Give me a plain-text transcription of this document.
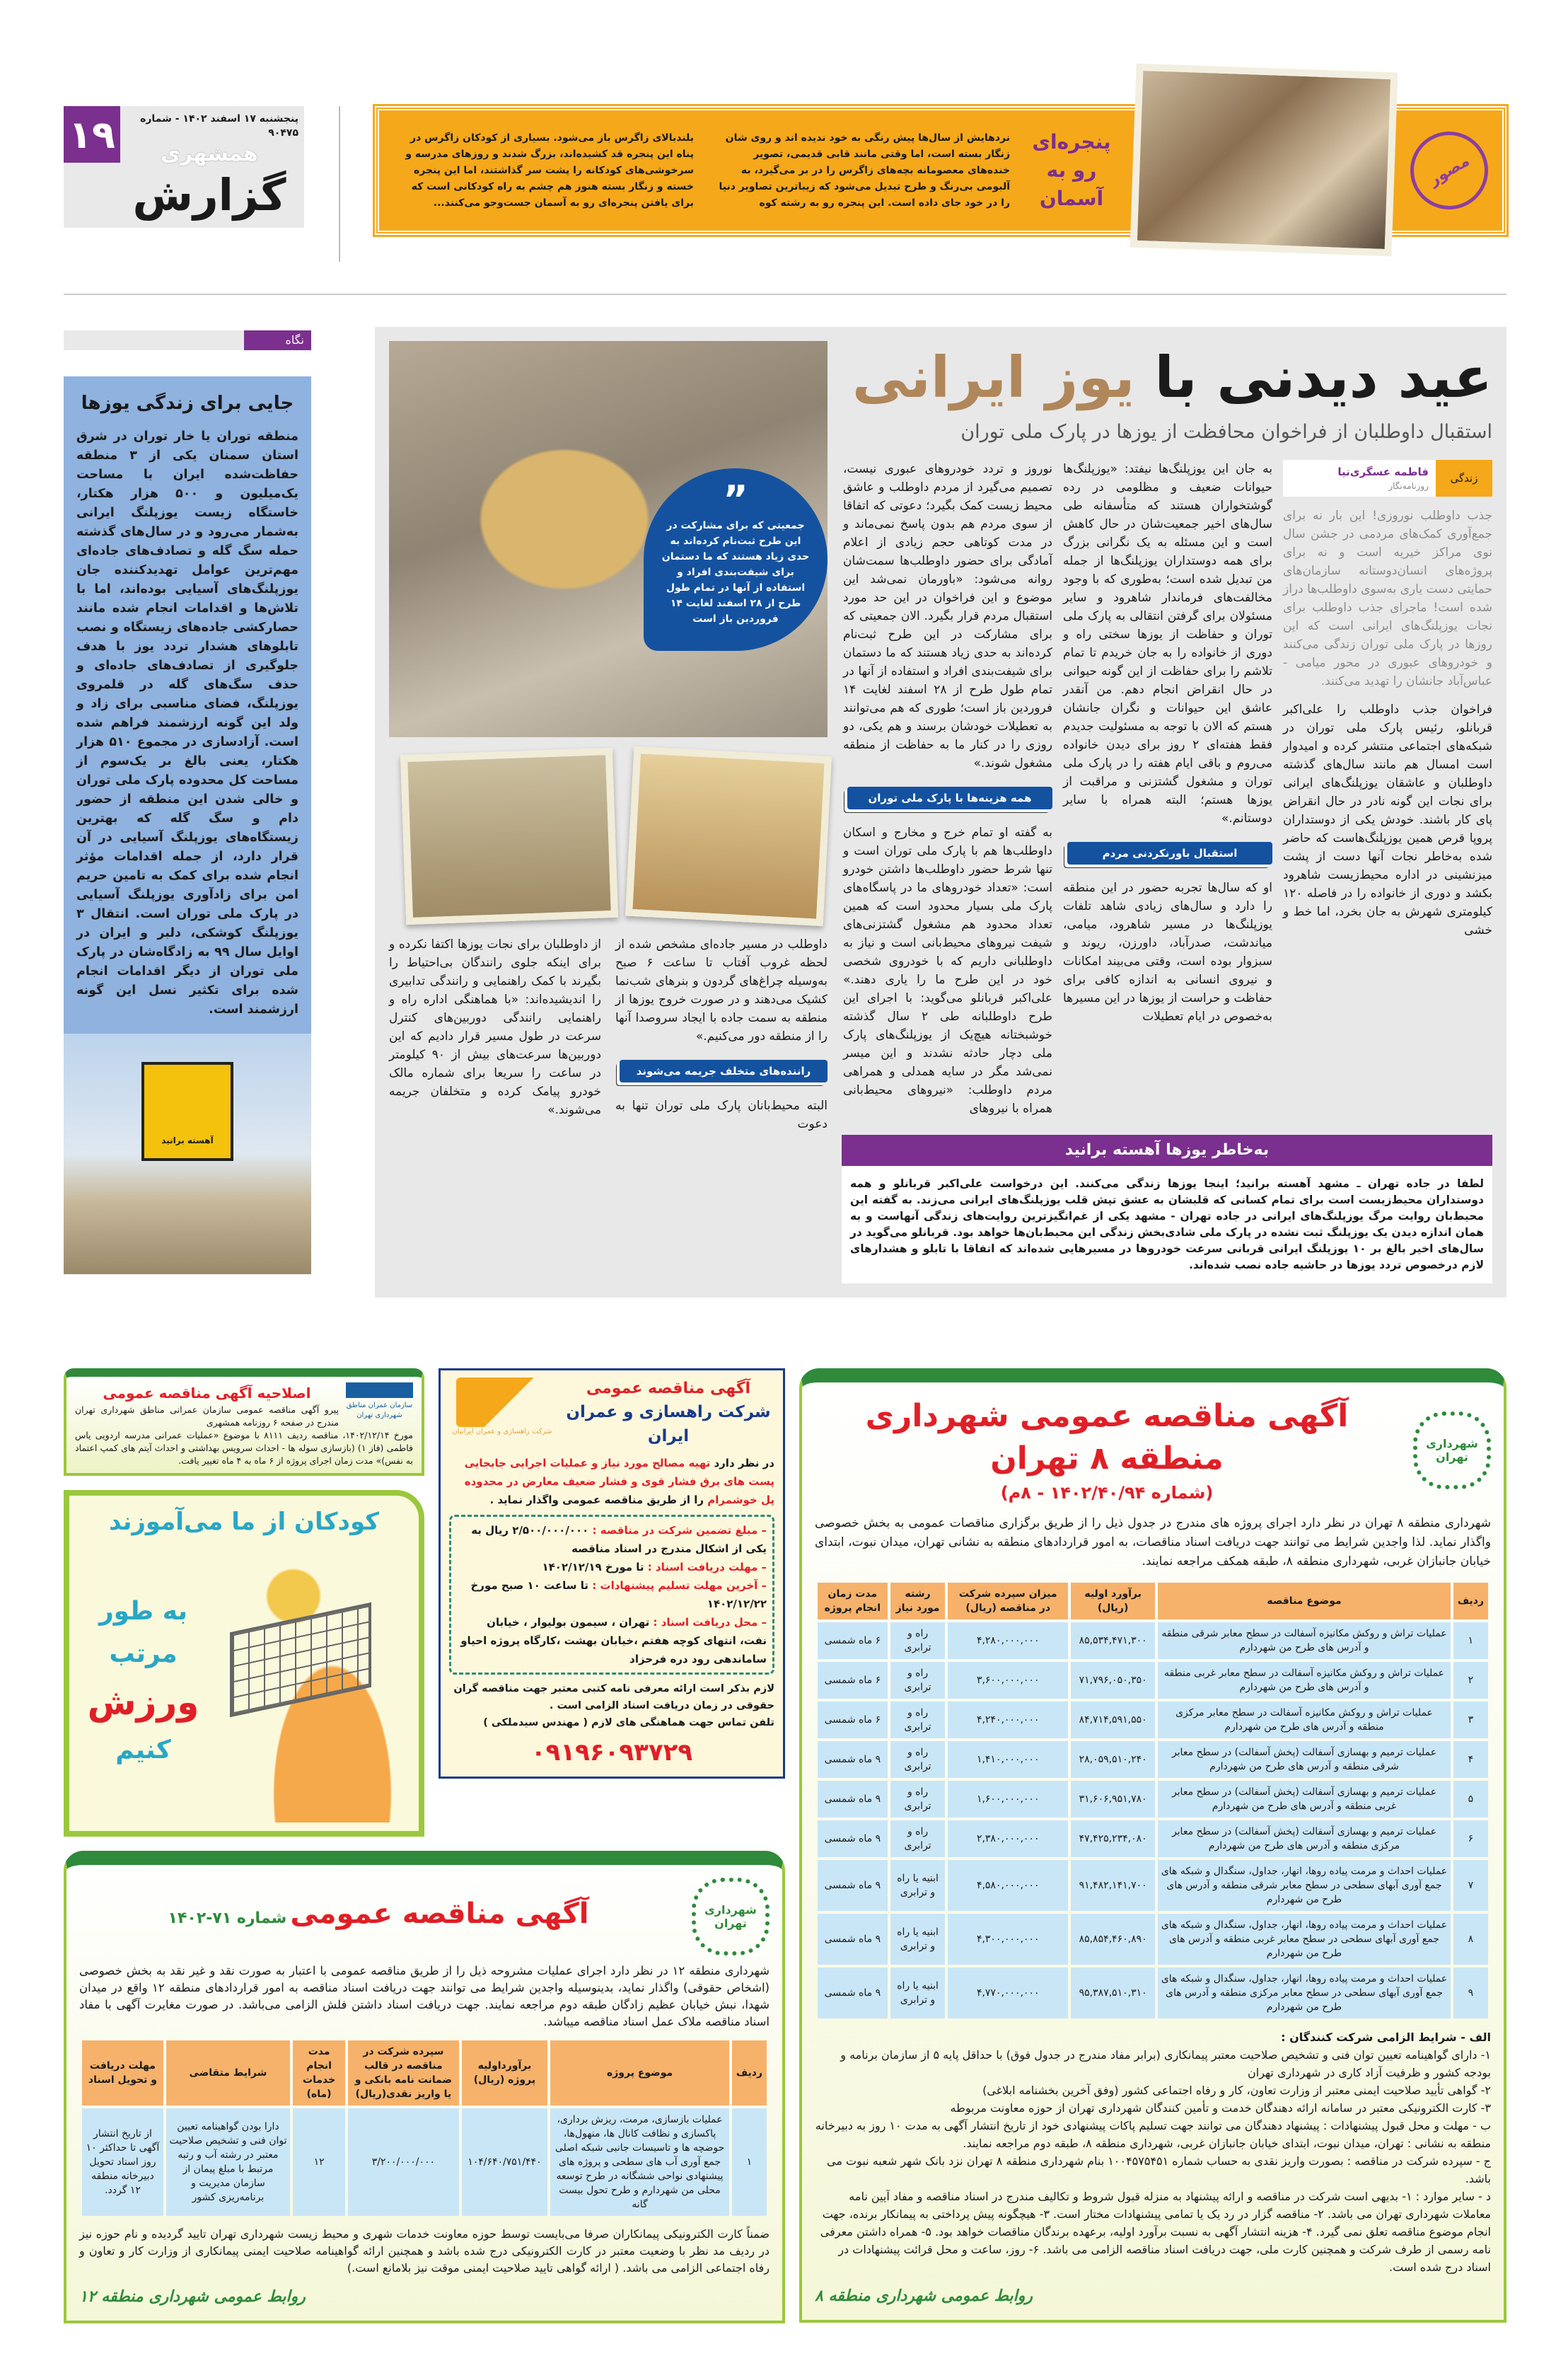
مصور
پنجره‌ای رو به آسمان
نردهایش از سال‌ها پیش رنگی به خود ندیده اند و روی شان زنگار بسته است، اما وقتی مانند قابی قدیمی، تصویر خنده‌های معصومانه بچه‌های زاگرس را در بر می‌گیرد، به آلبومی بی‌رنگ و طرح تبدیل می‌شود که زیباترین تصاویر دنیا را در خود جای داده است. این پنجره رو به رشته کوه
بلندبالای زاگرس باز می‌شود. بسیاری از کودکان زاگرس در پناه این پنجره قد کشیده‌اند، بزرگ شدند و روزهای مدرسه و سرخوشی‌های کودکانه را پشت سر گذاشتند، اما این پنجره خسته و زنگار بسته هنوز هم چشم به راه کودکانی است که برای یافتن پنجره‌ای رو به آسمان جست‌وجو می‌کنند...
پنجشنبه ۱۷ اسفند ۱۴۰۲ - شماره ۹۰۴۷۵
همشهری
گزارش
۱۹
عید دیدنی با یوز ایرانی
استقبال داوطلبان از فراخوان محافظت از یوزها در پارک ملی توران
زندگی
فاطمه عسگری‌نیا
روزنامه‌نگار

جذب داوطلب نوروزی! این بار نه برای جمع‌آوری کمک‌های مردمی در جشن سال نوی مراکز خیریه است و نه برای پروژه‌های انسان‌دوستانه سازمان‌های حمایتی دست یاری به‌سوی داوطلب‌ها دراز شده است! ماجرای جذب داوطلب برای نجات یوزپلنگ‌های ایرانی است که این روزها در پارک ملی توران زندگی می‌کنند و خودروهای عبوری در محور میامی - عباس‌آباد جانشان را تهدید می‌کنند.

فراخوان جذب داوطلب را علی‌اکبر قربانلو، رئیس پارک ملی توران در شبکه‌های اجتماعی منتشر کرده و امیدوار است امسال هم مانند سال‌های گذشته داوطلبان و عاشقان یوزپلنگ‌های ایرانی برای نجات این گونه نادر در حال انقراض پای کار باشند. خودش یکی از دوستداران پروپا قرص همین یوزپلنگ‌هاست که حاضر شده به‌خاطر نجات آنها دست از پشت میزنشینی در اداره محیط‌زیست شاهرود بکشد و دوری از خانواده را در فاصله ۱۲۰ کیلومتری شهرش به جان بخرد، اما خط و خشی

به جان این یوزپلنگ‌ها نیفتد: «یوزپلنگ‌ها حیوانات ضعیف و مظلومی در رده گوشتخواران هستند که متأسفانه طی سال‌های اخیر جمعیت‌شان در حال کاهش است و این مسئله به یک نگرانی بزرگ برای همه دوستداران یوزپلنگ‌ها از جمله من تبدیل شده است؛ به‌طوری که با وجود مخالفت‌های فرماندار شاهرود و سایر مسئولان برای گرفتن انتقالی به پارک ملی توران و حفاظت از یوزها سختی راه و دوری از خانواده را به جان خریدم تا تمام تلاشم را برای حفاظت از این گونه حیوانی در حال انقراض انجام دهم. من آنقدر عاشق این حیوانات و نگران جانشان هستم که الان با توجه به مسئولیت جدیدم فقط هفته‌ای ۲ روز برای دیدن خانواده می‌روم و باقی ایام هفته را در پارک ملی توران و مشغول گشتزنی و مراقبت از یوزها هستم؛ البته همراه با سایر دوستانم.»

استقبال باورنکردنی مردم

او که سال‌ها تجربه حضور در این منطقه را دارد و سال‌های زیادی شاهد تلفات یوزپلنگ‌ها در مسیر شاهرود، میامی، میاندشت، صدرآباد، داورزن، ریوند و سبزوار بوده است، وقتی می‌بیند امکانات و نیروی انسانی به اندازه کافی برای حفاظت و حراست از یوزها در این مسیرها به‌خصوص در ایام تعطیلات

نوروز و تردد خودروهای عبوری نیست، تصمیم می‌گیرد از مردم داوطلب و عاشق محیط زیست کمک بگیرد؛ دعوتی که اتفاقا از سوی مردم هم بدون پاسخ نمی‌ماند و در مدت کوتاهی حجم زیادی از اعلام آمادگی برای حضور داوطلب‌ها سمت‌شان روانه می‌شود: «باورمان نمی‌شد این موضوع و این فراخوان در این حد مورد استقبال مردم قرار بگیرد. الان جمعیتی که برای مشارکت در این طرح ثبت‌نام کرده‌اند به حدی زیاد هستند که ما دستمان برای شیفت‌بندی افراد و استفاده از آنها در تمام طول طرح از ۲۸ اسفند لغایت ۱۴ فروردین باز است؛ طوری که هم می‌توانند به تعطیلات خودشان برسند و هم یکی، دو روزی را در کنار ما به حفاظت از منطقه مشغول شوند.»

همه هزینه‌ها با پارک ملی توران

به گفته او تمام خرج و مخارج و اسکان داوطلب‌ها هم با پارک ملی توران است و تنها شرط حضور داوطلب‌ها داشتن خودرو است: «تعداد خودروهای ما در پاسگاه‌های پارک ملی بسیار محدود است که همین تعداد محدود هم مشغول گشتزنی‌های شیفت نیروهای محیط‌بانی است و نیاز به داوطلبانی داریم که با خودروی شخصی خود در این طرح ما را یاری دهند.» علی‌اکبر قربانلو می‌گوید: با اجرای این طرح داوطلبانه طی ۲ سال گذشته خوشبختانه هیچ‌یک از یوزپلنگ‌های پارک ملی دچار حادثه نشدند و این میسر نمی‌شد مگر در سایه همدلی و همراهی مردم داوطلب: «نیروهای محیط‌بانی همراه با نیروهای

به‌خاطر یوزها آهسته برانید

لطفا در جاده تهران ـ مشهد آهسته برانید؛ اینجا یوزها زندگی می‌کنند. این درخواست علی‌اکبر قربانلو و همه دوستداران محیط‌زیست است برای تمام کسانی که قلبشان به عشق تپش قلب یوزپلنگ‌های ایرانی می‌زند. به گفته این محیط‌بان روایت مرگ یوزپلنگ‌های ایرانی در جاده تهران - مشهد یکی از غم‌انگیزترین روایت‌های زندگی آنهاست و به همان اندازه دیدن یک یوزپلنگ ثبت نشده در پارک ملی شادی‌بخش زندگی این محیط‌بان‌ها خواهد بود. قربانلو می‌گوید در سال‌های اخیر بالغ بر ۱۰ یوزپلنگ ایرانی قربانی سرعت خودروها در مسیرهایی شده‌اند که اتفاقا با تابلو و هشدارهای لازم درخصوص تردد یوزها در حاشیه جاده نصب شده‌اند.

”
جمعیتی که برای مشارکت در این طرح ثبت‌نام کرده‌اند به حدی زیاد هستند که ما دستمان برای شیفت‌بندی افراد و استفاده از آنها در تمام طول طرح از ۲۸ اسفند لغایت ۱۴ فروردین باز است

داوطلب در مسیر جاده‌ای مشخص شده از لحظه غروب آفتاب تا ساعت ۶ صبح به‌وسیله چراغ‌های گردون و بنرهای شب‌نما کشیک می‌دهند و در صورت خروج یوزها از منطقه به سمت جاده با ایجاد سروصدا آنها را از منطقه دور می‌کنیم.»

راننده‌های متخلف جریمه می‌شوند

البته محیط‌بانان پارک ملی توران تنها به دعوت

از داوطلبان برای نجات یوزها اکتفا نکرده و برای اینکه جلوی رانندگان بی‌احتیاط را بگیرند با کمک راهنمایی و رانندگی تدابیری را اندیشیده‌اند: «با هماهنگی اداره راه و راهنمایی رانندگی دوربین‌های کنترل سرعت در طول مسیر قرار دادیم که این دوربین‌ها سرعت‌های بیش از ۹۰ کیلومتر در ساعت را سریعا برای شماره مالک خودرو پیامک کرده و متخلفان جریمه می‌شوند.»

نگاه
جایی برای زندگی یوزها

منطقه توران یا خار توران در شرق استان سمنان یکی از ۳ منطقه حفاظت‌شده ایران با مساحت یک‌میلیون و ۵۰۰ هزار هکتار، خاستگاه زیست یوزپلنگ ایرانی به‌شمار می‌رود و در سال‌های گذشته حمله سگ گله و تصادف‌های جاده‌ای مهم‌ترین عوامل تهدیدکننده جان یوزپلنگ‌های آسیایی بوده‌اند، اما با تلاش‌ها و اقدامات انجام شده مانند حصارکشی جاده‌های زیستگاه و نصب تابلوهای هشدار تردد یوز با هدف جلوگیری از تصادف‌های جاده‌ای و حذف سگ‌های گله در قلمروی یوزپلنگ، فضای مناسبی برای زاد و ولد این گونه ارزشمند فراهم شده است. آزادسازی در مجموع ۵۱۰ هزار هکتار، یعنی بالغ بر یک‌سوم از مساحت کل محدوده پارک ملی توران و خالی شدن این منطقه از حضور دام و سگ گله که بهترین زیستگاه‌های یوزپلنگ آسیایی در آن قرار دارد، از جمله اقدامات مؤثر انجام شده برای کمک به تامین حریم امن برای زادآوری یوزپلنگ آسیایی در پارک ملی توران است. انتقال ۳ یوزپلنگ کوشکی، دلبر و ایران در اوایل سال ۹۹ به زادگاه‌شان در پارک ملی توران از دیگر اقدامات انجام شده برای تکثیر نسل این گونه ارزشمند است.

آهسته برانید
شهرداری تهران
آگهی مناقصه عمومی شهرداری منطقه ۸ تهران
(شماره ۱۴۰۲/۴۰/۹۴ - ۸م)

شهرداری منطقه ۸ تهران در نظر دارد اجرای پروژه های مندرج در جدول ذیل را از طریق برگزاری مناقصات عمومی به بخش خصوصی واگذار نماید. لذا واجدین شرایط می توانند جهت دریافت اسناد مناقصات، به امور قراردادهای منطقه به نشانی تهران، میدان نبوت، ابتدای خیابان جانبازان غربی، شهرداری منطقه ۸، طبقه همکف مراجعه نمایند.

ردیف	موضوع مناقصه	برآورد اولیه (ریال)	میزان سپرده شرکت در مناقصه (ریال)	رشته مورد نیاز	مدت زمان انجام پروژه
۱	عملیات تراش و روکش مکانیزه آسفالت در سطح معابر شرقی منطقه و آدرس های طرح من شهردارم	۸۵,۵۳۴,۴۷۱,۳۰۰	۴,۲۸۰,۰۰۰,۰۰۰	راه و ترابری	۶ ماه شمسی
۲	عملیات تراش و روکش مکانیزه آسفالت در سطح معابر غربی منطقه و آدرس های طرح من شهردارم	۷۱,۷۹۶,۰۵۰,۳۵۰	۳,۶۰۰,۰۰۰,۰۰۰	راه و ترابری	۶ ماه شمسی
۳	عملیات تراش و روکش مکانیزه آسفالت در سطح معابر مرکزی منطقه و آدرس های طرح من شهردارم	۸۴,۷۱۴,۵۹۱,۵۵۰	۴,۲۴۰,۰۰۰,۰۰۰	راه و ترابری	۶ ماه شمسی
۴	عملیات ترمیم و بهسازی آسفالت (پخش آسفالت) در سطح معابر شرقی منطقه و آدرس های طرح من شهردارم	۲۸,۰۵۹,۵۱۰,۲۴۰	۱,۴۱۰,۰۰۰,۰۰۰	راه و ترابری	۹ ماه شمسی
۵	عملیات ترمیم و بهسازی آسفالت (پخش آسفالت) در سطح معابر غربی منطقه و آدرس های طرح من شهردارم	۳۱,۶۰۶,۹۵۱,۷۸۰	۱,۶۰۰,۰۰۰,۰۰۰	راه و ترابری	۹ ماه شمسی
۶	عملیات ترمیم و بهسازی آسفالت (پخش آسفالت) در سطح معابر مرکزی منطقه و آدرس های طرح من شهردارم	۴۷,۴۲۵,۲۳۴,۰۸۰	۲,۳۸۰,۰۰۰,۰۰۰	راه و ترابری	۹ ماه شمسی
۷	عملیات احداث و مرمت پیاده روها، انهار، جداول، سنگدال و شبکه های جمع آوری آبهای سطحی در سطح معابر شرقی منطقه و آدرس های طرح من شهردارم	۹۱,۴۸۲,۱۴۱,۷۰۰	۴,۵۸۰,۰۰۰,۰۰۰	ابنیه یا راه و ترابری	۹ ماه شمسی
۸	عملیات احداث و مرمت پیاده روها، انهار، جداول، سنگدال و شبکه های جمع آوری آبهای سطحی در سطح معابر غربی منطقه و آدرس های طرح من شهردارم	۸۵,۸۵۴,۴۶۰,۸۹۰	۴,۳۰۰,۰۰۰,۰۰۰	ابنیه یا راه و ترابری	۹ ماه شمسی
۹	عملیات احداث و مرمت پیاده روها، انهار، جداول، سنگدال و شبکه های جمع آوری آبهای سطحی در سطح معابر مرکزی منطقه و آدرس های طرح من شهردارم	۹۵,۳۸۷,۵۱۰,۳۱۰	۴,۷۷۰,۰۰۰,۰۰۰	ابنیه یا راه و ترابری	۹ ماه شمسی
الف - شرایط الزامی شرکت کنندگان :
۱- دارای گواهینامه تعیین توان فنی و تشخیص صلاحیت معتبر پیمانکاری (برابر مفاد مندرج در جدول فوق) با حداقل پایه ۵ از سازمان برنامه و بودجه کشور و ظرفیت آزاد کاری در شهرداری تهران
۲- گواهی تأیید صلاحیت ایمنی معتبر از وزارت تعاون، کار و رفاه اجتماعی کشور (وفق آخرین بخشنامه ابلاغی)
۳- کارت الکترونیکی معتبر در سامانه ارائه دهندگان خدمت و تأمین کنندگان شهرداری تهران از حوزه معاونت مربوطه
ب - مهلت و محل قبول پیشنهادات : پیشنهاد دهندگان می توانند جهت تسلیم پاکات پیشنهادی خود از تاریخ انتشار آگهی به مدت ۱۰ روز به دبیرخانه منطقه به نشانی : تهران، میدان نبوت، ابتدای خیابان جانبازان غربی، شهرداری منطقه ۸، طبقه دوم مراجعه نمایند.
ج - سپرده شرکت در مناقصه : بصورت واریز نقدی به حساب شماره ۱۰۰۴۵۷۵۴۵۱ بنام شهرداری منطقه ۸ تهران نزد بانک شهر شعبه نبوت می باشد.
د - سایر موارد : ۱- بدیهی است شرکت در مناقصه و ارائه پیشنهاد به منزله قبول شروط و تکالیف مندرج در اسناد مناقصه و مفاد آیین نامه معاملات شهرداری تهران می باشد. ۲- مناقصه گزار در رد یک یا تمامی پیشنهادات مختار است. ۳- هیچگونه پیش پرداختی به پیمانکار برنده، جهت انجام موضوع مناقصه تعلق نمی گیرد. ۴- هزینه انتشار آگهی به نسبت برآورد اولیه، برعهده برندگان مناقصات خواهد بود. ۵- همراه داشتن معرفی نامه رسمی از طرف شرکت و همچنین کارت ملی، جهت دریافت اسناد مناقصه الزامی می باشد. ۶- روز، ساعت و محل قرائت پیشنهادات در اسناد درج شده است.
روابط عمومی شهرداری منطقه ۸
آگهی مناقصه عمومی
شرکت راهسازی و عمران ایران
شرکت راهسازی و عمران ایرانیان
در نظر دارد تهیه مصالح مورد نیاز و عملیات اجرایی جابجایی پست های برق فشار قوی و فشار ضعیف معارض در محدوده پل خوشمرام را از طریق مناقصه عمومی واگذار نماید .
– مبلغ تضمین شرکت در مناقصه : ۲/۵۰۰/۰۰۰/۰۰۰ ریال به یکی از اشکال مندرج در اسناد مناقصه
– مهلت دریافت اسناد : تا مورخ ۱۴۰۲/۱۲/۱۹
– آخرین مهلت تسلیم پیشنهادات : تا ساعت ۱۰ صبح مورخ ۱۴۰۲/۱۲/۲۲
– محل دریافت اسناد : تهران ، سیمون بولیوار ، خیابان نفت، انتهای کوچه هفتم ،خیابان بهشت ،کارگاه پروژه احیاو ساماندهی رود دره فرحزاد
لازم بذکر است ارائه معرفی نامه کتبی معتبر جهت مناقصه گران حقوقی در زمان دریافت اسناد الزامی است .
تلفن تماس جهت هماهنگی های لازم ( مهندس سیدملکی )
۰۹۱۹۶۰۹۳۷۲۹
سازمان عمران مناطق شهرداری تهران
اصلاحیه آگهی مناقصه عمومی

پیرو آگهی مناقصه عمومی سازمان عمرانی مناطق شهرداری تهران مندرج در صفحه ۶ روزنامه همشهری

مورخ ۱۴۰۲/۱۲/۱۴، مناقصه ردیف ۸۱۱۱ با موضوع «عملیات عمرانی مدرسه اردویی یاس فاطمی (فاز ۱) (بازسازی سوله ها - احداث سرویس بهداشتی و احداث آیتم های کمپ اعتماد به نفس)» مدت زمان اجرای پروژه از ۶ ماه به ۴ ماه تغییر یافت.

کودکان از ما می‌آموزند
به طور
مرتب
ورزش
کنیم
شهرداری تهران
آگهی مناقصه عمومی شماره ۷۱-۱۴۰۲

شهرداری منطقه ۱۲ در نظر دارد اجرای عملیات مشروحه ذیل را از طریق مناقصه عمومی با اعتبار به صورت نقد و غیر نقد به بخش خصوصی (اشخاص حقوقی) واگذار نماید، بدینوسیله واجدین شرایط می توانند جهت دریافت اسناد مناقصه به امور قراردادهای منطقه ۱۲ واقع در میدان شهدا، نبش خیابان عظیم زادگان طبقه دوم مراجعه نمایند. جهت دریافت اسناد داشتن فلش الزامی می‌باشد. در صورت مغایرت آگهی با مفاد اسناد مناقصه ملاک عمل اسناد مناقصه میباشد.

ردیف	موضوع پروژه	برآورداولیه پروژه (ریال)	سپرده شرکت در مناقصه در قالب ضمانت نامه بانکی و یا واریز نقدی(ریال)	مدت انجام خدمات (ماه)	شرایط متقاضی	مهلت دریافت و تحویل اسناد
۱	عملیات بازسازی، مرمت، ریزش برداری، پاکسازی و نظافت کانال ها، منهول‌ها، حوضچه ها و تاسیسات جانبی شبکه اصلی جمع آوری آب های سطحی و پروژه های پیشنهادی نواحی ششگانه در طرح توسعه محلی من شهردارم و طرح تحول بیست گانه	۱۰۴/۶۴۰/۷۵۱/۴۴۰	۳/۲۰۰/۰۰۰/۰۰۰	۱۲	دارا بودن گواهینامه تعیین توان فنی و تشخیص صلاحیت معتبر در رشته آب و رتبه مرتبط با مبلغ پیمان از سازمان مدیریت و برنامه‌ریزی کشور	از تاریخ انتشار آگهی تا حداکثر ۱۰ روز اسناد تحویل دبیرخانه منطقه ۱۲ گردد.

ضمناً کارت الکترونیکی پیمانکاران صرفا می‌بایست توسط حوزه معاونت خدمات شهری و محیط زیست شهرداری تهران تایید گردیده و نام حوزه نیز در ردیف مد نظر با وضعیت معتبر در کارت الکترونیکی درج شده باشد و همچنین ارائه گواهینامه صلاحیت ایمنی پیمانکاری از وزارت کار و تعاون و رفاه اجتماعی الزامی می باشد. ( ارائه گواهی تایید صلاحیت ایمنی موقت نیز بلامانع است.)

روابط عمومی شهرداری منطقه ۱۲
